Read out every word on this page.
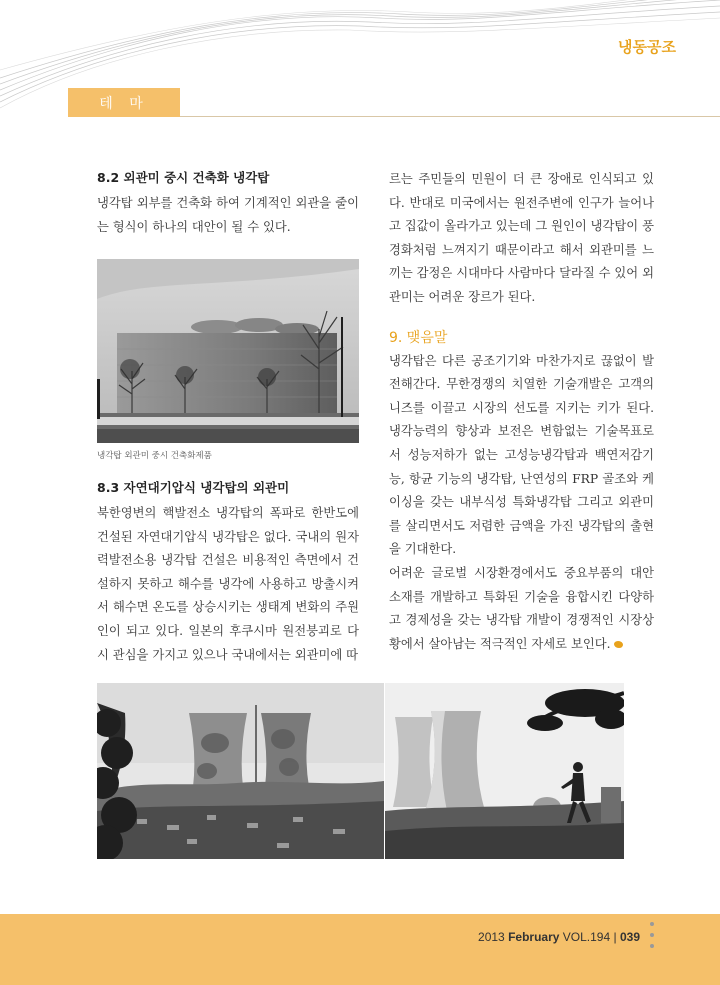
냉동공조
테 마
8.2 외관미 중시 건축화 냉각탑

냉각탑 외부를 건축화 하여 기계적인 외관을 줄이는 형식이 하나의 대안이 될 수 있다.

냉각탑 외관미 중시 건축화제품
8.3 자연대기압식 냉각탑의 외관미

북한영변의 핵발전소 냉각탑의 폭파로 한반도에 건설된 자연대기압식 냉각탑은 없다. 국내의 원자력발전소용 냉각탑 건설은 비용적인 측면에서 건설하지 못하고 해수를 냉각에 사용하고 방출시켜서 해수면 온도를 상승시키는 생태계 변화의 주원인이 되고 있다. 일본의 후쿠시마 원전붕괴로 다시 관심을 가지고 있으나 국내에서는 외관미에 따

르는 주민들의 민원이 더 큰 장애로 인식되고 있다. 반대로 미국에서는 원전주변에 인구가 늘어나고 집값이 올라가고 있는데 그 원인이 냉각탑이 풍경화처럼 느껴지기 때문이라고 해서 외관미를 느끼는 감정은 시대마다 사람마다 달라질 수 있어 외관미는 어려운 장르가 된다.

9. 맺음말

냉각탑은 다른 공조기기와 마찬가지로 끊없이 발전해간다. 무한경쟁의 치열한 기술개발은 고객의 니즈를 이끌고 시장의 선도를 지키는 키가 된다. 냉각능력의 향상과 보전은 변함없는 기술목표로서 성능저하가 없는 고성능냉각탑과 백연저감기능, 항균 기능의 냉각탑, 난연성의 FRP 골조와 케이싱을 갖는 내부식성 특화냉각탑 그리고 외관미를 살리면서도 저렴한 금액을 가진 냉각탑의 출현을 기대한다.

어려운 글로벌 시장환경에서도 중요부품의 대안소재를 개발하고 특화된 기술을 융합시킨 다양하고 경제성을 갖는 냉각탑 개발이 경쟁적인 시장상황에서 살아남는 적극적인 자세로 보인다.

2013 February VOL.194 | 039
